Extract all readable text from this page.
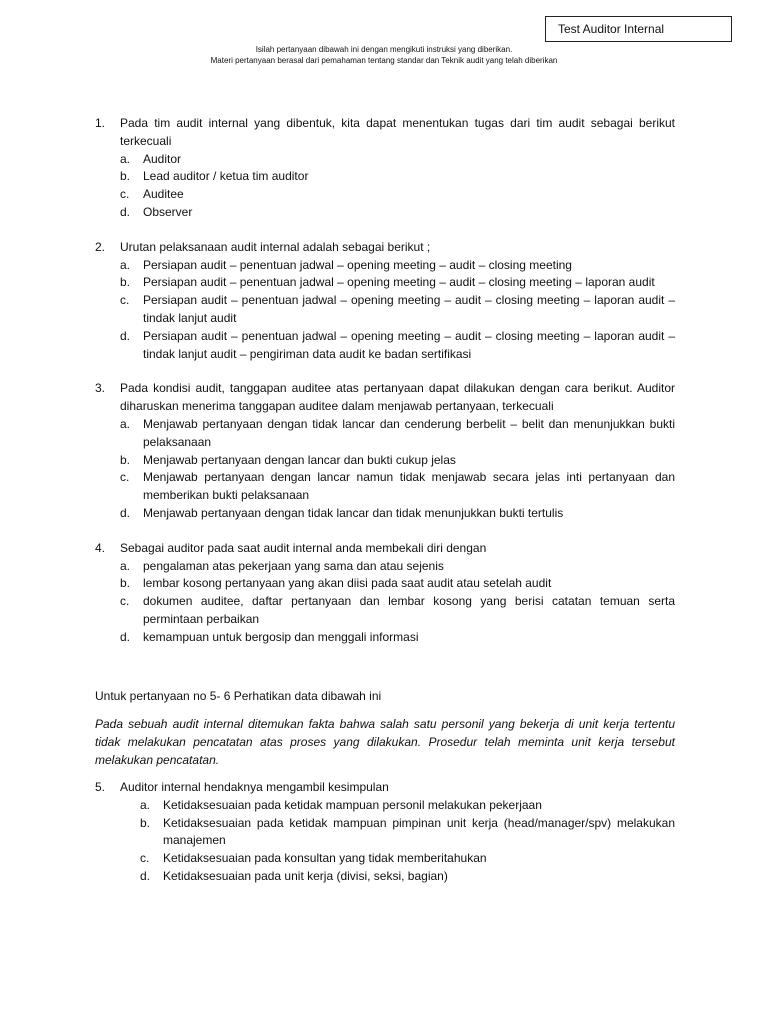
Test Auditor Internal
Isilah pertanyaan dibawah ini dengan mengikuti instruksi yang diberikan.
Materi pertanyaan berasal dari pemahaman tentang standar dan Teknik audit yang telah diberikan
1.	Pada tim audit internal yang dibentuk, kita dapat menentukan tugas dari tim audit sebagai berikut terkecuali
a.	Auditor
b.	Lead auditor / ketua tim auditor
c.	Auditee
d.	Observer
2.	Urutan pelaksanaan audit internal adalah sebagai berikut ;
a.	Persiapan audit – penentuan jadwal – opening meeting – audit – closing meeting
b.	Persiapan audit – penentuan jadwal – opening meeting – audit – closing meeting – laporan audit
c.	Persiapan audit – penentuan jadwal – opening meeting – audit – closing meeting – laporan audit – tindak lanjut audit
d.	Persiapan audit – penentuan jadwal – opening meeting – audit – closing meeting – laporan audit – tindak lanjut audit – pengiriman data audit ke badan sertifikasi
3.	Pada kondisi audit, tanggapan auditee atas pertanyaan dapat dilakukan dengan cara berikut. Auditor diharuskan menerima tanggapan auditee dalam menjawab pertanyaan, terkecuali
a.	Menjawab pertanyaan dengan tidak lancar dan cenderung berbelit – belit dan menunjukkan bukti pelaksanaan
b.	Menjawab pertanyaan dengan lancar dan bukti cukup jelas
c.	Menjawab pertanyaan dengan lancar namun tidak menjawab secara jelas inti pertanyaan dan memberikan bukti pelaksanaan
d.	Menjawab pertanyaan dengan tidak lancar dan tidak menunjukkan bukti tertulis
4.	Sebagai auditor pada saat audit internal anda membekali diri dengan
a.	pengalaman atas pekerjaan yang sama dan atau sejenis
b.	lembar kosong pertanyaan yang akan diisi pada saat audit atau setelah audit
c.	dokumen auditee, daftar pertanyaan dan lembar kosong yang berisi catatan temuan serta permintaan perbaikan
d.	kemampuan untuk bergosip dan menggali informasi
Untuk pertanyaan no 5- 6 Perhatikan data dibawah ini
Pada sebuah audit internal ditemukan fakta bahwa salah satu personil yang bekerja di unit kerja tertentu tidak melakukan pencatatan atas proses yang dilakukan. Prosedur telah meminta unit kerja tersebut melakukan pencatatan.
5.	Auditor internal hendaknya mengambil kesimpulan
a.	Ketidaksesuaian pada ketidak mampuan personil melakukan pekerjaan
b.	Ketidaksesuaian pada ketidak mampuan pimpinan unit kerja (head/manager/spv) melakukan manajemen
c.	Ketidaksesuaian pada konsultan yang tidak memberitahukan
d.	Ketidaksesuaian pada unit kerja (divisi, seksi, bagian)
